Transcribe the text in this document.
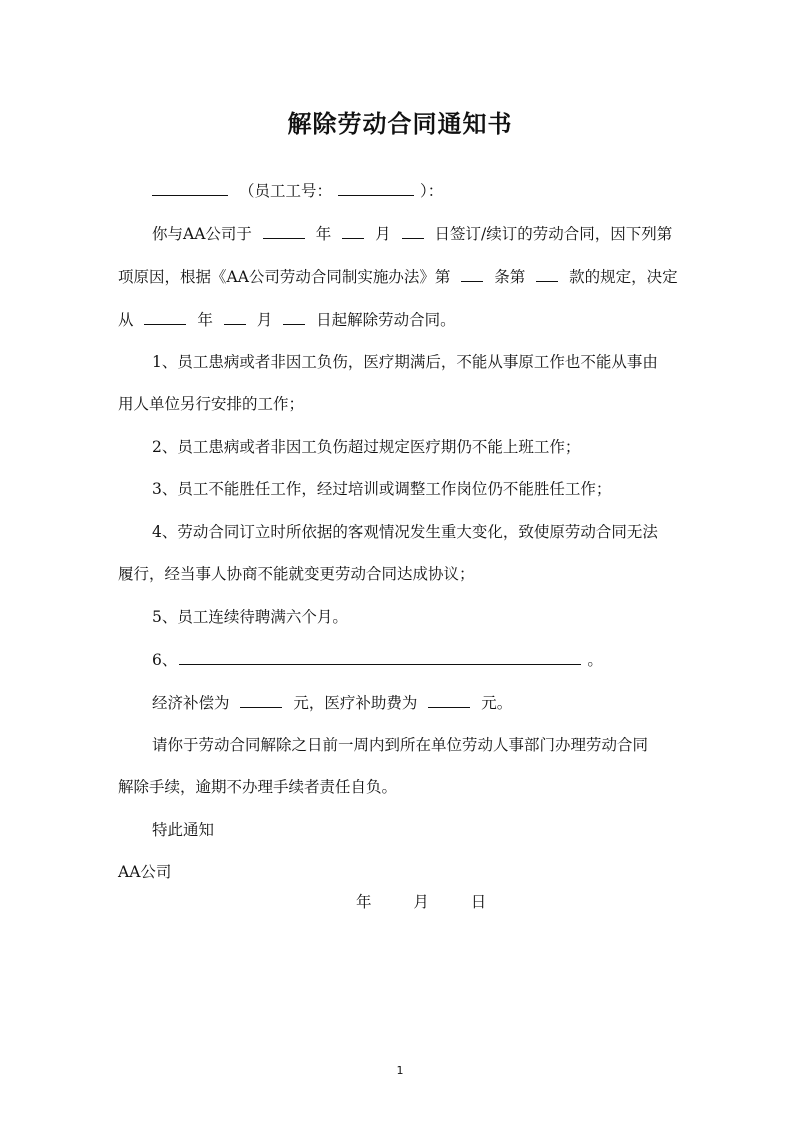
解除劳动合同通知书
（员工工号：	）：
你与AA公司于	年	月	日签订/续订的劳动合同，因下列第
项原因，根据《AA公司劳动合同制实施办法》第	条第	款的规定，决定
从	年	月	日起解除劳动合同。
1、员工患病或者非因工负伤，医疗期满后，不能从事原工作也不能从事由
用人单位另行安排的工作；
2、员工患病或者非因工负伤超过规定医疗期仍不能上班工作；
3、员工不能胜任工作，经过培训或调整工作岗位仍不能胜任工作；
4、劳动合同订立时所依据的客观情况发生重大变化，致使原劳动合同无法
履行，经当事人协商不能就变更劳动合同达成协议；
5、员工连续待聘满六个月。
6、	。
经济补偿为	元，医疗补助费为	元。
请你于劳动合同解除之日前一周内到所在单位劳动人事部门办理劳动合同
解除手续，逾期不办理手续者责任自负。
特此通知
AA公司
年	月	日
1
